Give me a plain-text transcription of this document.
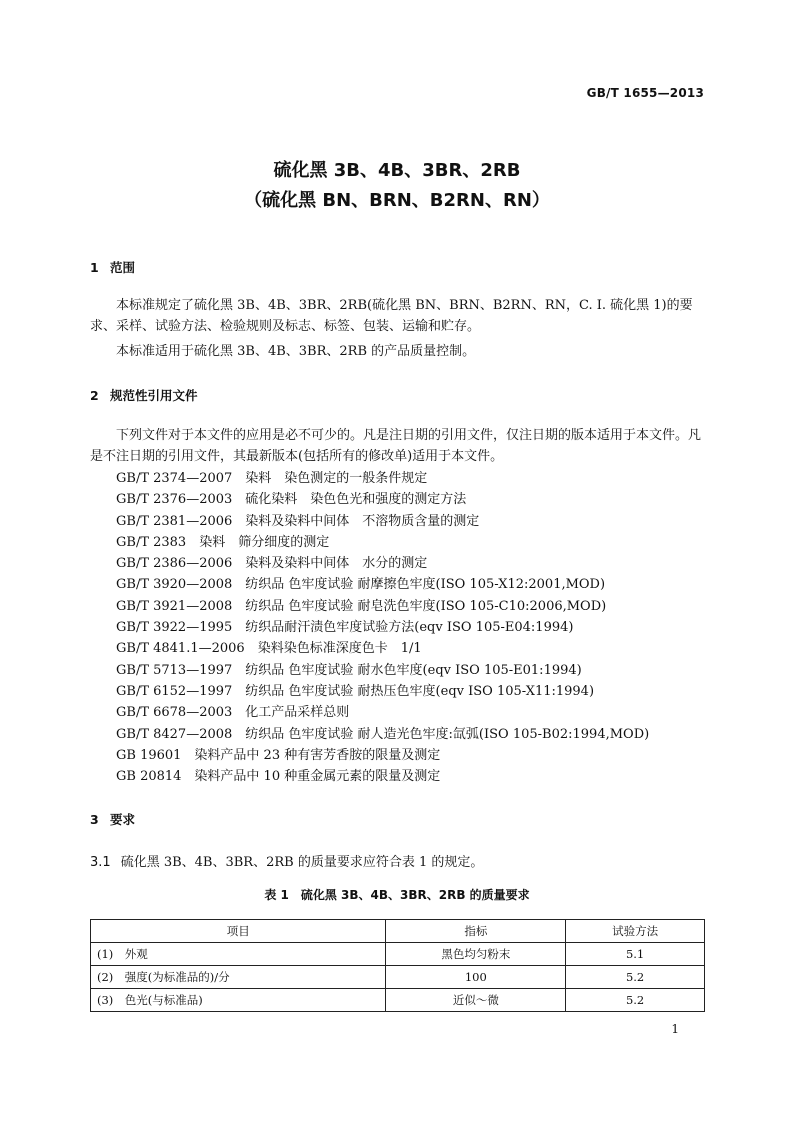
GB/T 1655—2013
硫化黑 3B、4B、3BR、2RB
（硫化黑 BN、BRN、B2RN、RN）
1 范围
本标准规定了硫化黑 3B、4B、3BR、2RB(硫化黑 BN、BRN、B2RN、RN，C. I. 硫化黑 1)的要求、采样、试验方法、检验规则及标志、标签、包装、运输和贮存。
本标准适用于硫化黑 3B、4B、3BR、2RB 的产品质量控制。
2 规范性引用文件
下列文件对于本文件的应用是必不可少的。凡是注日期的引用文件，仅注日期的版本适用于本文件。凡是不注日期的引用文件，其最新版本(包括所有的修改单)适用于本文件。
GB/T 2374—2007　染料　染色测定的一般条件规定
GB/T 2376—2003　硫化染料　染色色光和强度的测定方法
GB/T 2381—2006　染料及染料中间体　不溶物质含量的测定
GB/T 2383　染料　筛分细度的测定
GB/T 2386—2006　染料及染料中间体　水分的测定
GB/T 3920—2008　纺织品 色牢度试验 耐摩擦色牢度(ISO 105-X12:2001,MOD)
GB/T 3921—2008　纺织品 色牢度试验 耐皂洗色牢度(ISO 105-C10:2006,MOD)
GB/T 3922—1995　纺织品耐汗渍色牢度试验方法(eqv ISO 105-E04:1994)
GB/T 4841.1—2006　染料染色标准深度色卡　1/1
GB/T 5713—1997　纺织品 色牢度试验 耐水色牢度(eqv ISO 105-E01:1994)
GB/T 6152—1997　纺织品 色牢度试验 耐热压色牢度(eqv ISO 105-X11:1994)
GB/T 6678—2003　化工产品采样总则
GB/T 8427—2008　纺织品 色牢度试验 耐人造光色牢度:氙弧(ISO 105-B02:1994,MOD)
GB 19601　染料产品中 23 种有害芳香胺的限量及测定
GB 20814　染料产品中 10 种重金属元素的限量及测定
3 要求
3.1 硫化黑 3B、4B、3BR、2RB 的质量要求应符合表 1 的规定。
表 1　硫化黑 3B、4B、3BR、2RB 的质量要求
项目	指标	试验方法
(1)　外观	黑色均匀粉末	5.1
(2)　强度(为标准品的)/分	100	5.2
(3)　色光(与标准品)	近似～微	5.2
1
